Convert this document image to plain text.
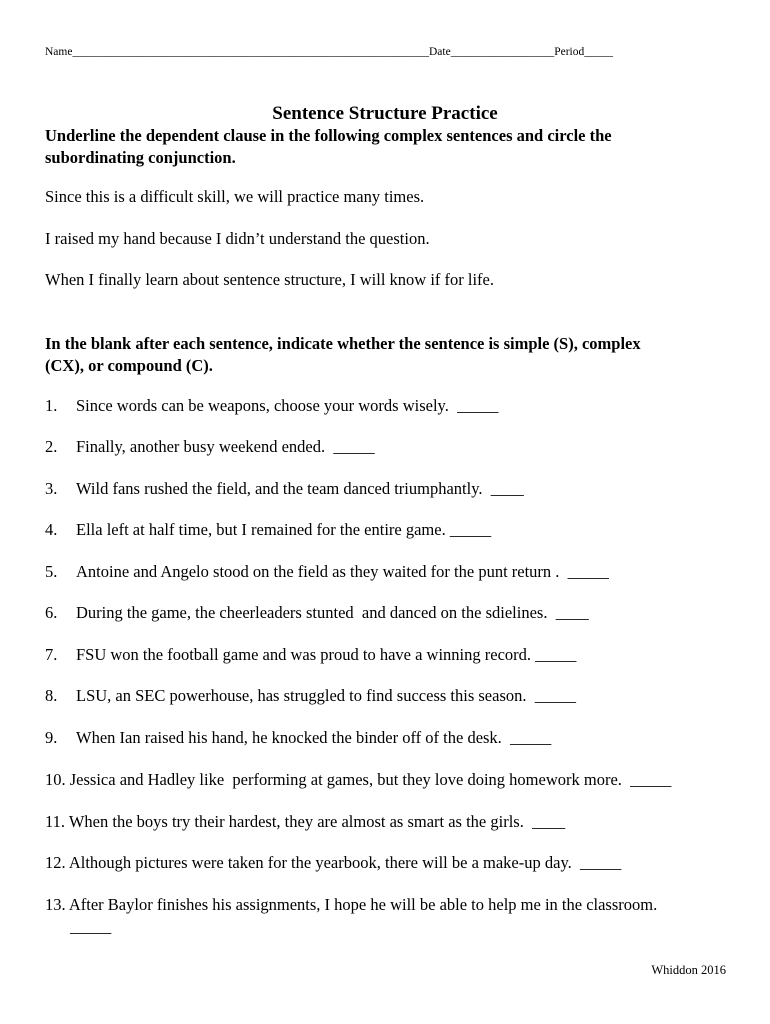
Name______________________________________________________________Date__________________Period_____
Sentence Structure Practice
Underline the dependent clause in the following complex sentences and circle the subordinating conjunction.
Since this is a difficult skill, we will practice many times.
I raised my hand because I didn’t understand the question.
When I finally learn about sentence structure, I will know if for life.
In the blank after each sentence, indicate whether the sentence is simple (S), complex (CX), or compound (C).
1. Since words can be weapons, choose your words wisely.  _____
2. Finally, another busy weekend ended.  _____
3. Wild fans rushed the field, and the team danced triumphantly.  ____
4. Ella left at half time, but I remained for the entire game. _____
5. Antoine and Angelo stood on the field as they waited for the punt return .  _____
6. During the game, the cheerleaders stunted  and danced on the sdielines.  ____
7. FSU won the football game and was proud to have a winning record. _____
8. LSU, an SEC powerhouse, has struggled to find success this season.  _____
9. When Ian raised his hand, he knocked the binder off of the desk.  _____
10. Jessica and Hadley like  performing at games, but they love doing homework more.  _____
11. When the boys try their hardest, they are almost as smart as the girls.  ____
12. Although pictures were taken for the yearbook, there will be a make-up day.  _____
13. After Baylor finishes his assignments, I hope he will be able to help me in the classroom.
_____
Whiddon 2016
